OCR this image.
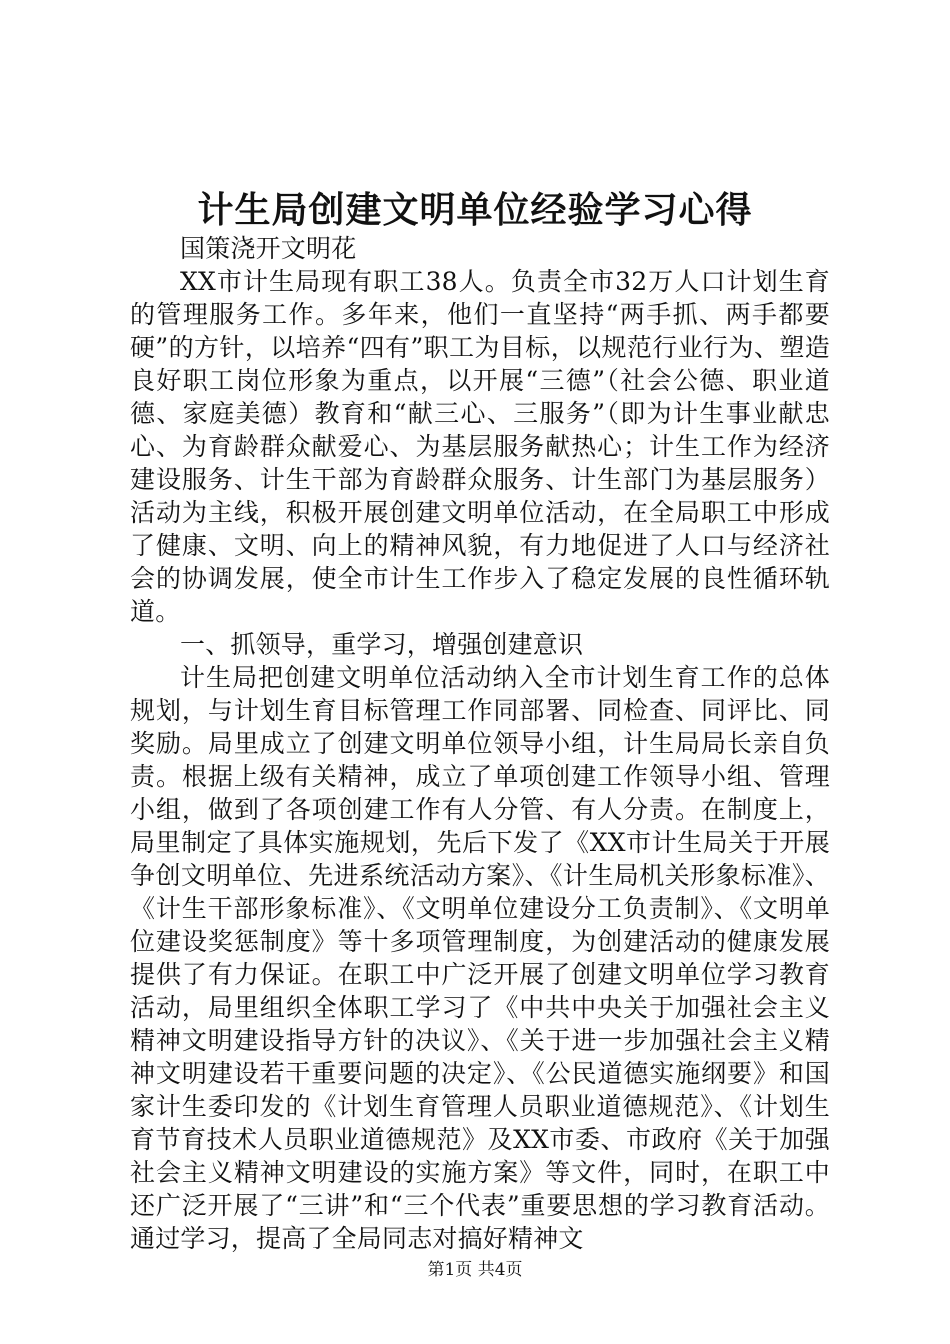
计生局创建文明单位经验学习心得

国策浇开文明花

XX市计生局现有职工38人。负责全市32万人口计划生育的管理服务工作。多年来，他们一直坚持“两手抓、两手都要硬”的方针，以培养“四有”职工为目标，以规范行业行为、塑造良好职工岗位形象为重点，以开展“三德”（社会公德、职业道德、家庭美德）教育和“献三心、三服务”（即为计生事业献忠心、为育龄群众献爱心、为基层服务献热心；计生工作为经济建设服务、计生干部为育龄群众服务、计生部门为基层服务）活动为主线，积极开展创建文明单位活动，在全局职工中形成了健康、文明、向上的精神风貌，有力地促进了人口与经济社会的协调发展，使全市计生工作步入了稳定发展的良性循环轨道。

一、抓领导，重学习，增强创建意识

计生局把创建文明单位活动纳入全市计划生育工作的总体规划，与计划生育目标管理工作同部署、同检查、同评比、同奖励。局里成立了创建文明单位领导小组，计生局局长亲自负责。根据上级有关精神，成立了单项创建工作领导小组、管理小组，做到了各项创建工作有人分管、有人分责。在制度上，局里制定了具体实施规划，先后下发了《XX市计生局关于开展争创文明单位、先进系统活动方案》、《计生局机关形象标准》、《计生干部形象标准》、《文明单位建设分工负责制》、《文明单位建设奖惩制度》等十多项管理制度，为创建活动的健康发展提供了有力保证。在职工中广泛开展了创建文明单位学习教育活动，局里组织全体职工学习了《中共中央关于加强社会主义精神文明建设指导方针的决议》、《关于进一步加强社会主义精神文明建设若干重要问题的决定》、《公民道德实施纲要》和国家计生委印发的《计划生育管理人员职业道德规范》、《计划生育节育技术人员职业道德规范》及XX市委、市政府《关于加强社会主义精神文明建设的实施方案》等文件，同时，在职工中还广泛开展了“三讲”和“三个代表”重要思想的学习教育活动。通过学习，提高了全局同志对搞好精神文

第1页 共4页
